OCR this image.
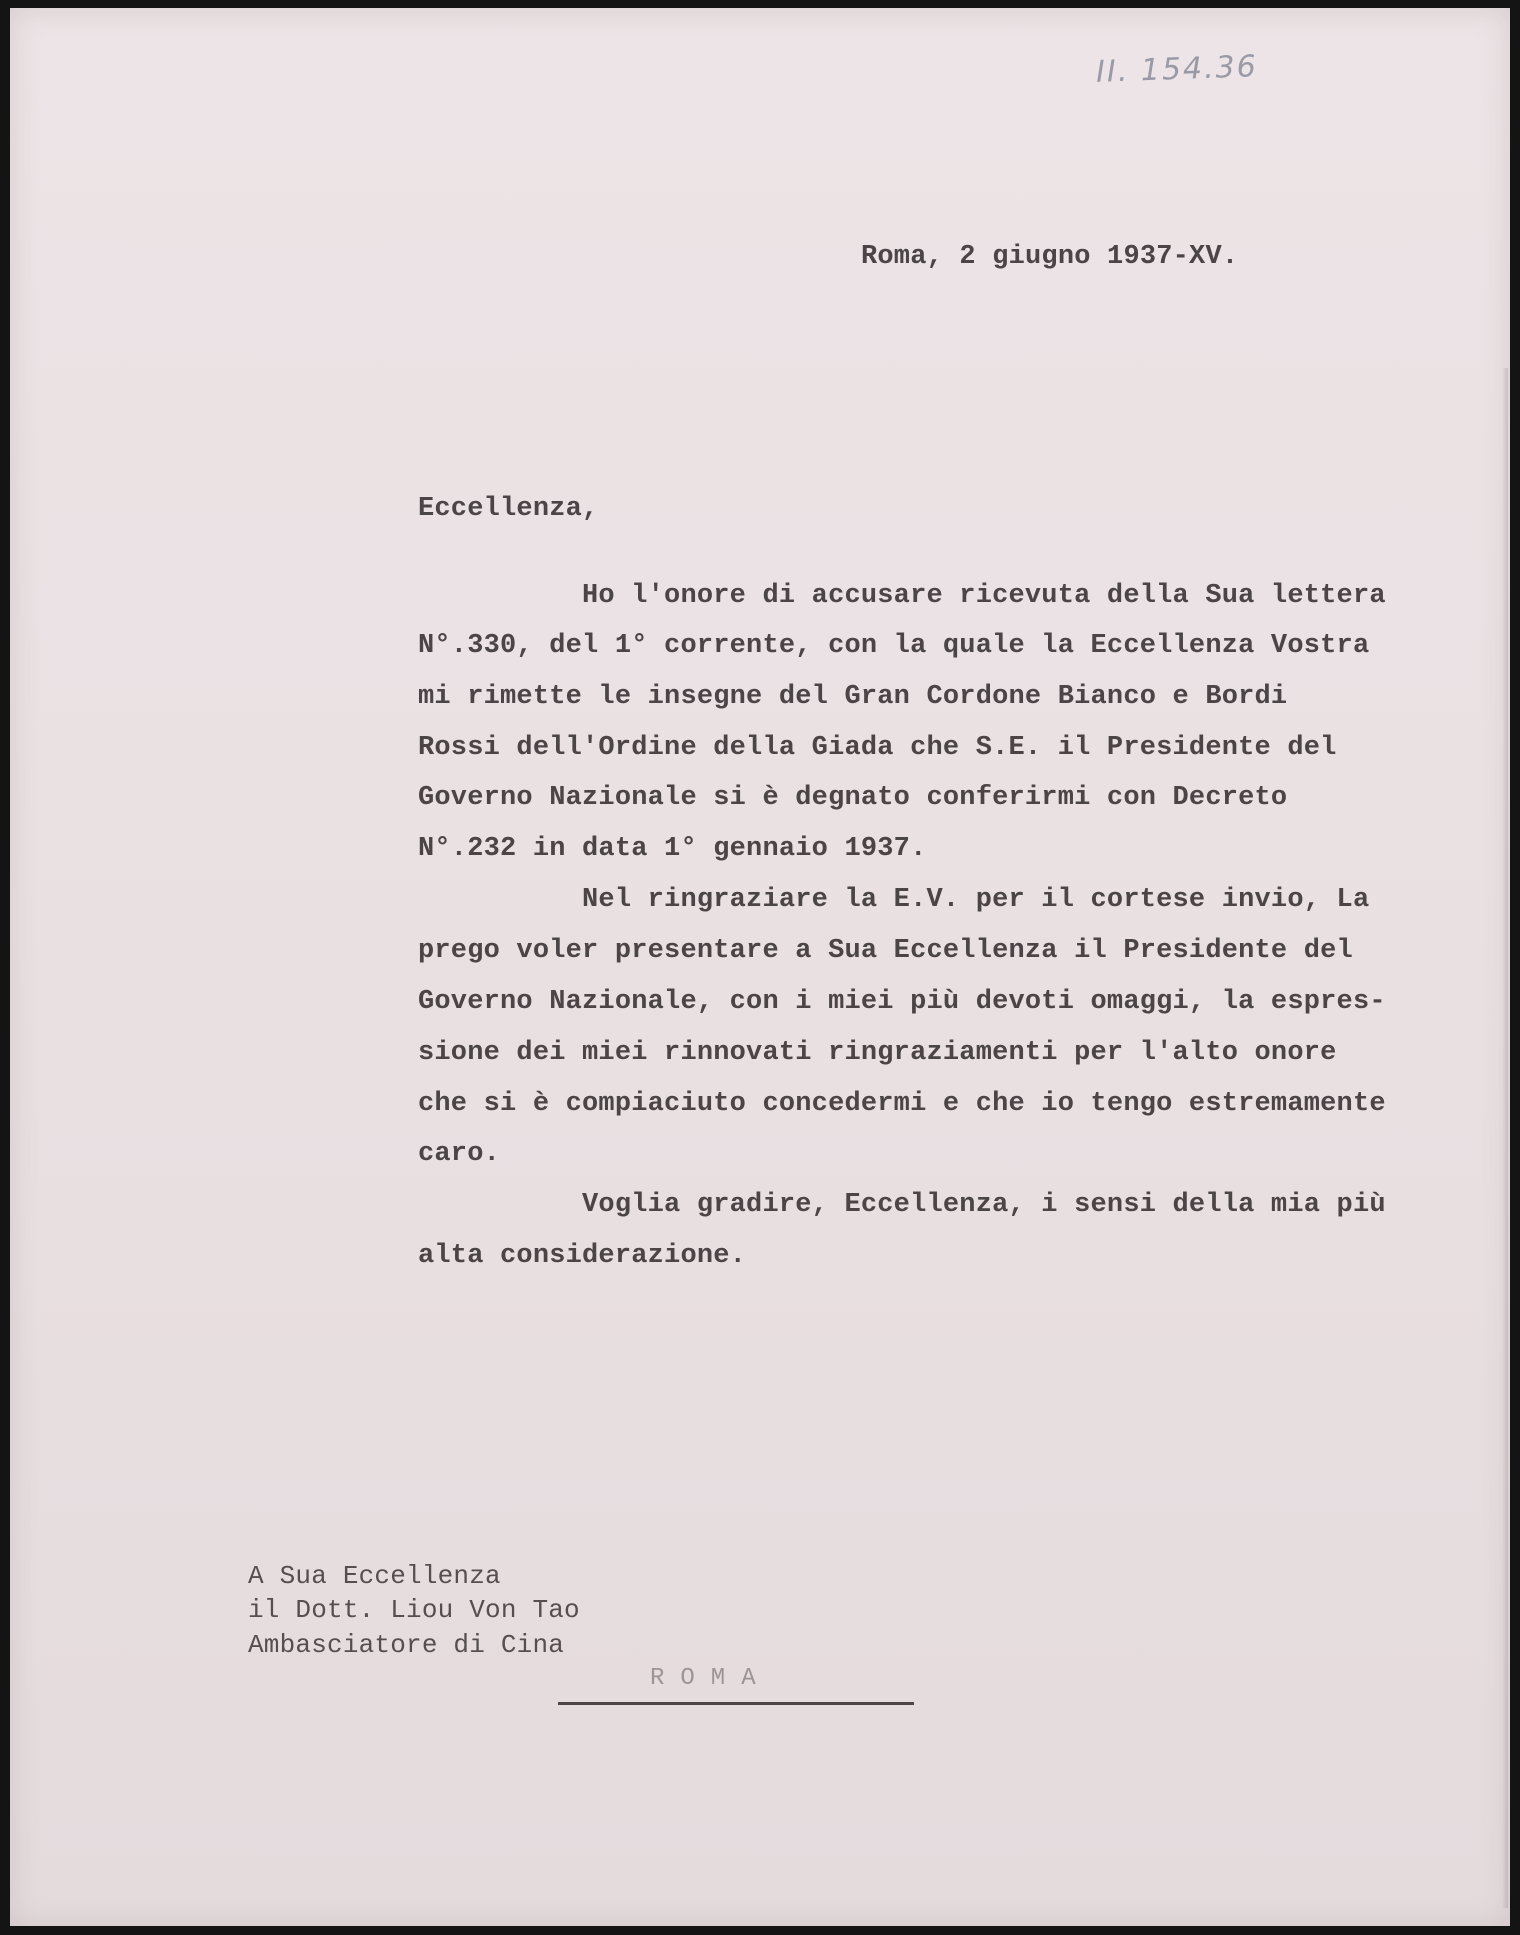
II. 154.36
Roma, 2 giugno 1937-XV.
Eccellenza,
Ho l'onore di accusare ricevuta della Sua lettera
N°.330, del 1° corrente, con la quale la Eccellenza Vostra
mi rimette le insegne del Gran Cordone Bianco e Bordi
Rossi dell'Ordine della Giada che S.E. il Presidente del
Governo Nazionale si è degnato conferirmi con Decreto
N°.232 in data 1° gennaio 1937.
Nel ringraziare la E.V. per il cortese invio, La
prego voler presentare a Sua Eccellenza il Presidente del
Governo Nazionale, con i miei più devoti omaggi, la espres-
sione dei miei rinnovati ringraziamenti per l'alto onore
che si è compiaciuto concedermi e che io tengo estremamente
caro.
Voglia gradire, Eccellenza, i sensi della mia più
alta considerazione.
A Sua Eccellenza
il Dott. Liou Von Tao
Ambasciatore di Cina
ROMA
